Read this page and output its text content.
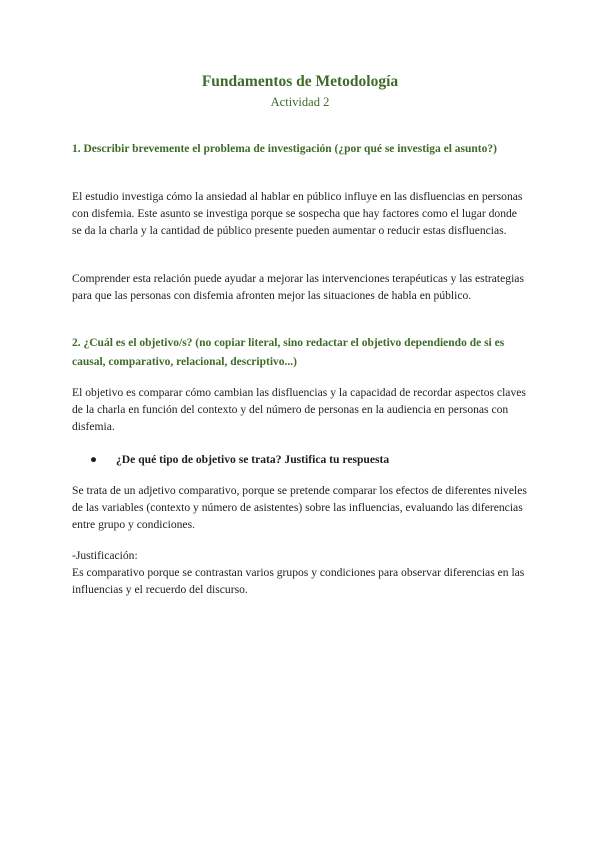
Fundamentos de Metodología
Actividad 2

1. Describir brevemente el problema de investigación (¿por qué se investiga el asunto?)

El estudio investiga cómo la ansiedad al hablar en público influye en las disfluencias en personas con disfemia. Este asunto se investiga porque se sospecha que hay factores como el lugar donde se da la charla y la cantidad de público presente pueden aumentar o reducir estas disfluencias.

Comprender esta relación puede ayudar a mejorar las intervenciones terapéuticas y las estrategias para que las personas con disfemia afronten mejor las situaciones de habla en público.

2. ¿Cuál es el objetivo/s? (no copiar literal, sino redactar el objetivo dependiendo de si es causal, comparativo, relacional, descriptivo...)

El objetivo es comparar cómo cambian las disfluencias y la capacidad de recordar aspectos claves de la charla en función del contexto y del número de personas en la audiencia en personas con disfemia.

● ¿De qué tipo de objetivo se trata? Justifica tu respuesta

Se trata de un adjetivo comparativo, porque se pretende comparar los efectos de diferentes niveles de las variables (contexto y número de asistentes) sobre las influencias, evaluando las diferencias entre grupo y condiciones.

-Justificación:

Es comparativo porque se contrastan varios grupos y condiciones para observar diferencias en las influencias y el recuerdo del discurso.
